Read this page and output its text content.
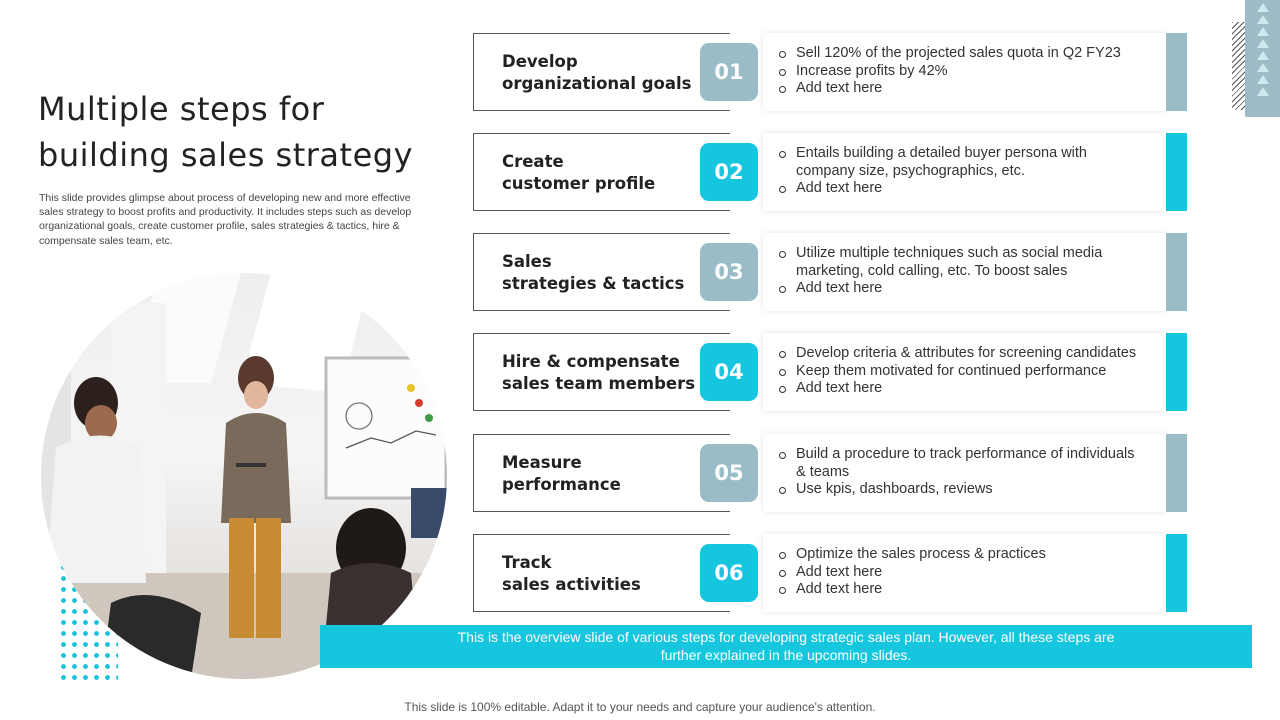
Multiple steps for
building sales strategy
This slide provides glimpse about process of developing new and more effective sales strategy to boost profits and productivity. It includes steps such as develop organizational goals, create customer profile, sales strategies & tactics, hire & compensate sales team, etc.
Develop
organizational goals	01
Sell 120% of the projected sales quota in Q2 FY23
Increase profits by 42%
Add text here
Create
customer profile	02
Entails building a detailed buyer persona with company size, psychographics, etc.
Add text here
Sales
strategies & tactics	03
Utilize multiple techniques such as social media marketing, cold calling, etc. To boost sales
Add text here
Hire & compensate
sales team members 04
Develop criteria & attributes for screening candidates
Keep them motivated for continued performance
Add text here
Measure
performance	05
Build a procedure to track performance of individuals & teams
Use kpis, dashboards, reviews
Track
sales activities	06
Optimize the sales process & practices
Add text here
Add text here
This is the overview slide of various steps for developing strategic sales plan. However, all these steps are
further explained in the upcoming slides.
This slide is 100% editable. Adapt it to your needs and capture your audience's attention.
